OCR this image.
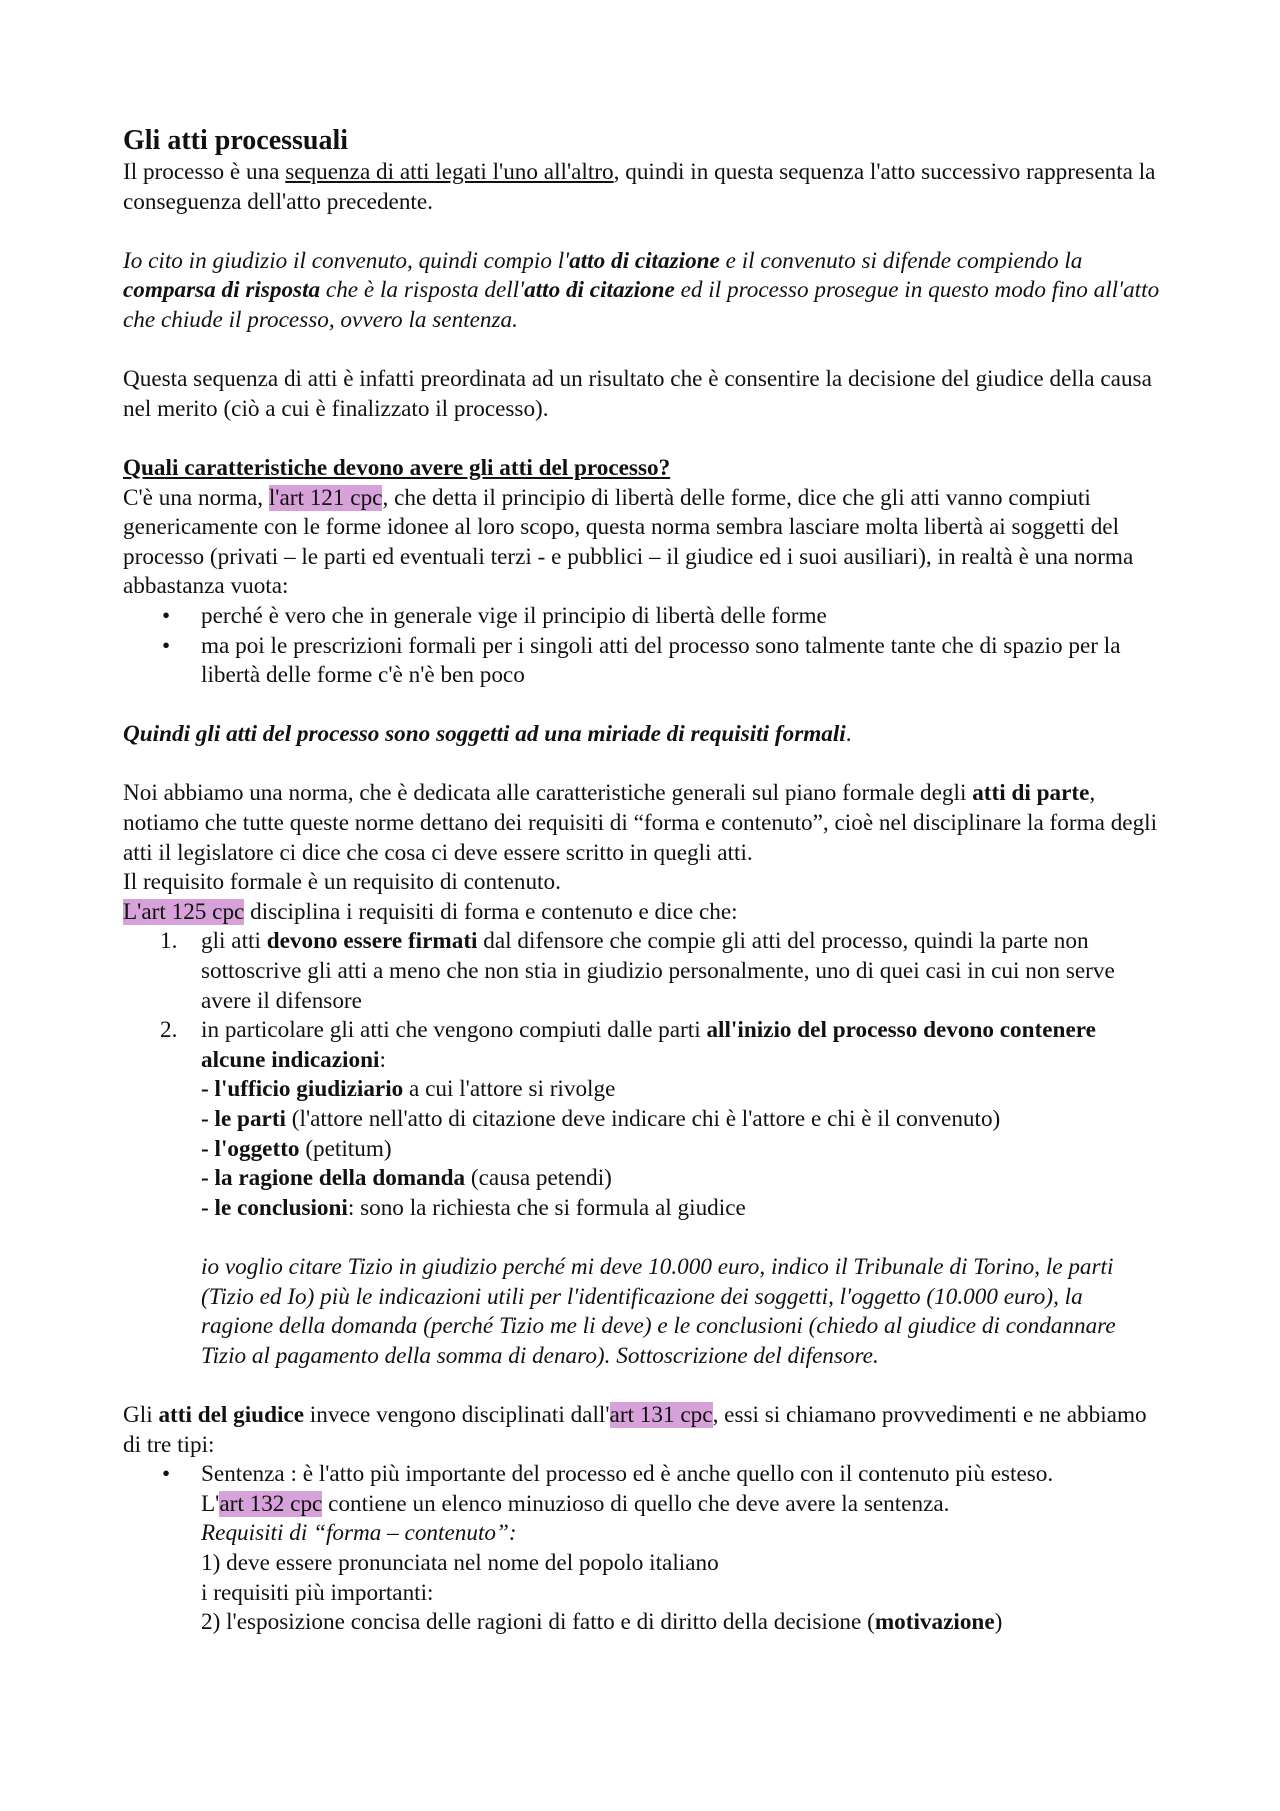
Gli atti processuali

Il processo è una sequenza di atti legati l'uno all'altro, quindi in questa sequenza l'atto successivo rappresenta la conseguenza dell'atto precedente.

Io cito in giudizio il convenuto, quindi compio l'atto di citazione e il convenuto si difende compiendo la comparsa di risposta che è la risposta dell'atto di citazione ed il processo prosegue in questo modo fino all'atto che chiude il processo, ovvero la sentenza.

Questa sequenza di atti è infatti preordinata ad un risultato che è consentire la decisione del giudice della causa nel merito (ciò a cui è finalizzato il processo).

Quali caratteristiche devono avere gli atti del processo?

C'è una norma, l'art 121 cpc, che detta il principio di libertà delle forme, dice che gli atti vanno compiuti genericamente con le forme idonee al loro scopo, questa norma sembra lasciare molta libertà ai soggetti del processo (privati – le parti ed eventuali terzi - e pubblici – il giudice ed i suoi ausiliari), in realtà è una norma abbastanza vuota:

• perché è vero che in generale vige il principio di libertà delle forme
• ma poi le prescrizioni formali per i singoli atti del processo sono talmente tante che di spazio per la libertà delle forme c'è n'è ben poco

Quindi gli atti del processo sono soggetti ad una miriade di requisiti formali.

Noi abbiamo una norma, che è dedicata alle caratteristiche generali sul piano formale degli atti di parte, notiamo che tutte queste norme dettano dei requisiti di “forma e contenuto”, cioè nel disciplinare la forma degli atti il legislatore ci dice che cosa ci deve essere scritto in quegli atti.

Il requisito formale è un requisito di contenuto.

L'art 125 cpc disciplina i requisiti di forma e contenuto e dice che:

1. gli atti devono essere firmati dal difensore che compie gli atti del processo, quindi la parte non sottoscrive gli atti a meno che non stia in giudizio personalmente, uno di quei casi in cui non serve avere il difensore
2. in particolare gli atti che vengono compiuti dalle parti all'inizio del processo devono contenere alcune indicazioni:
- l'ufficio giudiziario a cui l'attore si rivolge
- le parti (l'attore nell'atto di citazione deve indicare chi è l'attore e chi è il convenuto)
- l'oggetto (petitum)
- la ragione della domanda (causa petendi)
- le conclusioni: sono la richiesta che si formula al giudice
io voglio citare Tizio in giudizio perché mi deve 10.000 euro, indico il Tribunale di Torino, le parti (Tizio ed Io) più le indicazioni utili per l'identificazione dei soggetti, l'oggetto (10.000 euro), la ragione della domanda (perché Tizio me li deve) e le conclusioni (chiedo al giudice di condannare Tizio al pagamento della somma di denaro). Sottoscrizione del difensore.

Gli atti del giudice invece vengono disciplinati dall'art 131 cpc, essi si chiamano provvedimenti e ne abbiamo di tre tipi:

• Sentenza : è l'atto più importante del processo ed è anche quello con il contenuto più esteso.
L'art 132 cpc contiene un elenco minuzioso di quello che deve avere la sentenza.
Requisiti di “forma – contenuto”:
1) deve essere pronunciata nel nome del popolo italiano
i requisiti più importanti:
2) l'esposizione concisa delle ragioni di fatto e di diritto della decisione (motivazione)
